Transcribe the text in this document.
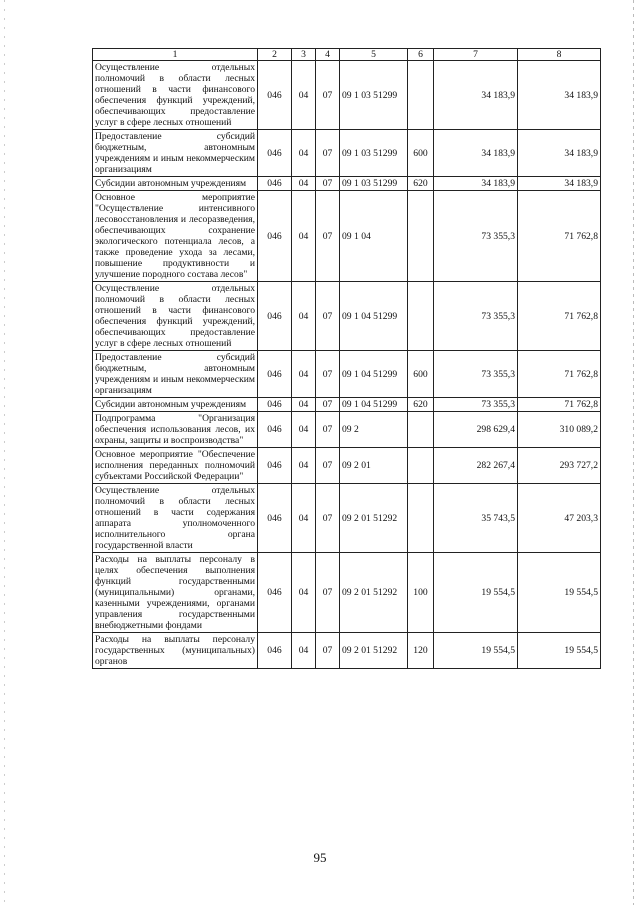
1	2	3	4	5	6	7	8
Осуществление отдельных полномочий в области лесных отношений в части финансового обеспечения функций учреждений, обеспечивающих предоставление услуг в сфере лесных отношений	046	04	07	09 1 03 51299		34 183,9	34 183,9
Предоставление субсидий бюджетным, автономным учреждениям и иным некоммерческим организациям	046	04	07	09 1 03 51299	600	34 183,9	34 183,9
Субсидии автономным учреждениям	046	04	07	09 1 03 51299	620	34 183,9	34 183,9
Основное мероприятие "Осуществление интенсивного лесовосстановления и лесоразведения, обеспечивающих сохранение экологического потенциала лесов, а также проведение ухода за лесами, повышение продуктивности и улучшение породного состава лесов"	046	04	07	09 1 04		73 355,3	71 762,8
Осуществление отдельных полномочий в области лесных отношений в части финансового обеспечения функций учреждений, обеспечивающих предоставление услуг в сфере лесных отношений	046	04	07	09 1 04 51299		73 355,3	71 762,8
Предоставление субсидий бюджетным, автономным учреждениям и иным некоммерческим организациям	046	04	07	09 1 04 51299	600	73 355,3	71 762,8
Субсидии автономным учреждениям	046	04	07	09 1 04 51299	620	73 355,3	71 762,8
Подпрограмма "Организация обеспечения использования лесов, их охраны, защиты и воспроизводства"	046	04	07	09 2		298 629,4	310 089,2
Основное мероприятие "Обеспечение исполнения переданных полномочий субъектами Российской Федерации"	046	04	07	09 2 01		282 267,4	293 727,2
Осуществление отдельных полномочий в области лесных отношений в части содержания аппарата уполномоченного исполнительного органа государственной власти	046	04	07	09 2 01 51292		35 743,5	47 203,3
Расходы на выплаты персоналу в целях обеспечения выполнения функций государственными (муниципальными) органами, казенными учреждениями, органами управления государственными внебюджетными фондами	046	04	07	09 2 01 51292	100	19 554,5	19 554,5
Расходы на выплаты персоналу государственных (муниципальных) органов	046	04	07	09 2 01 51292	120	19 554,5	19 554,5
95
